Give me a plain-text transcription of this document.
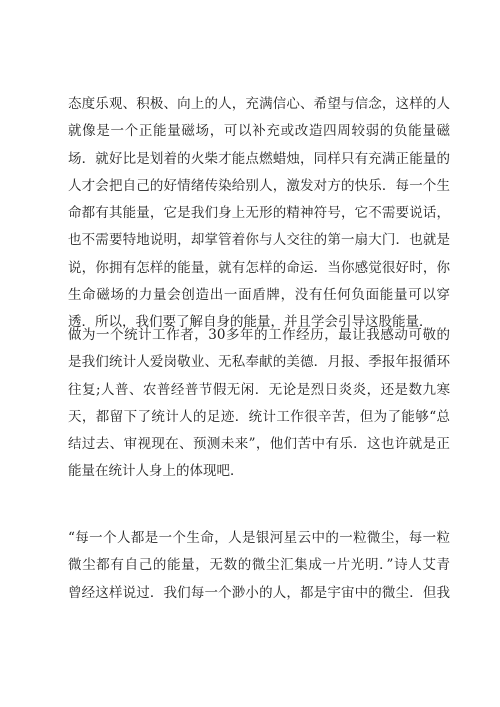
态度乐观、积极、向上的人，充满信心、希望与信念，这样的人
就像是一个正能量磁场，可以补充或改造四周较弱的负能量磁
场．就好比是划着的火柴才能点燃蜡烛，同样只有充满正能量的
人才会把自己的好情绪传染给别人，激发对方的快乐．每一个生
命都有其能量，它是我们身上无形的精神符号，它不需要说话，
也不需要特地说明，却掌管着你与人交往的第一扇大门．也就是
说，你拥有怎样的能量，就有怎样的命运．当你感觉很好时，你
生命磁场的力量会创造出一面盾牌，没有任何负面能量可以穿
透．所以，我们要了解自身的能量，并且学会引导这股能量．
做为一个统计工作者，30多年的工作经历，最让我感动可敬的
是我们统计人爱岗敬业、无私奉献的美德．月报、季报年报循环
往复;人普、农普经普节假无闲．无论是烈日炎炎，还是数九寒
天，都留下了统计人的足迹．统计工作很辛苦，但为了能够“总
结过去、审视现在、预测未来”，他们苦中有乐．这也许就是正
能量在统计人身上的体现吧．
“每一个人都是一个生命，人是银河星云中的一粒微尘，每一粒
微尘都有自己的能量，无数的微尘汇集成一片光明．”诗人艾青
曾经这样说过．我们每一个渺小的人，都是宇宙中的微尘．但我
